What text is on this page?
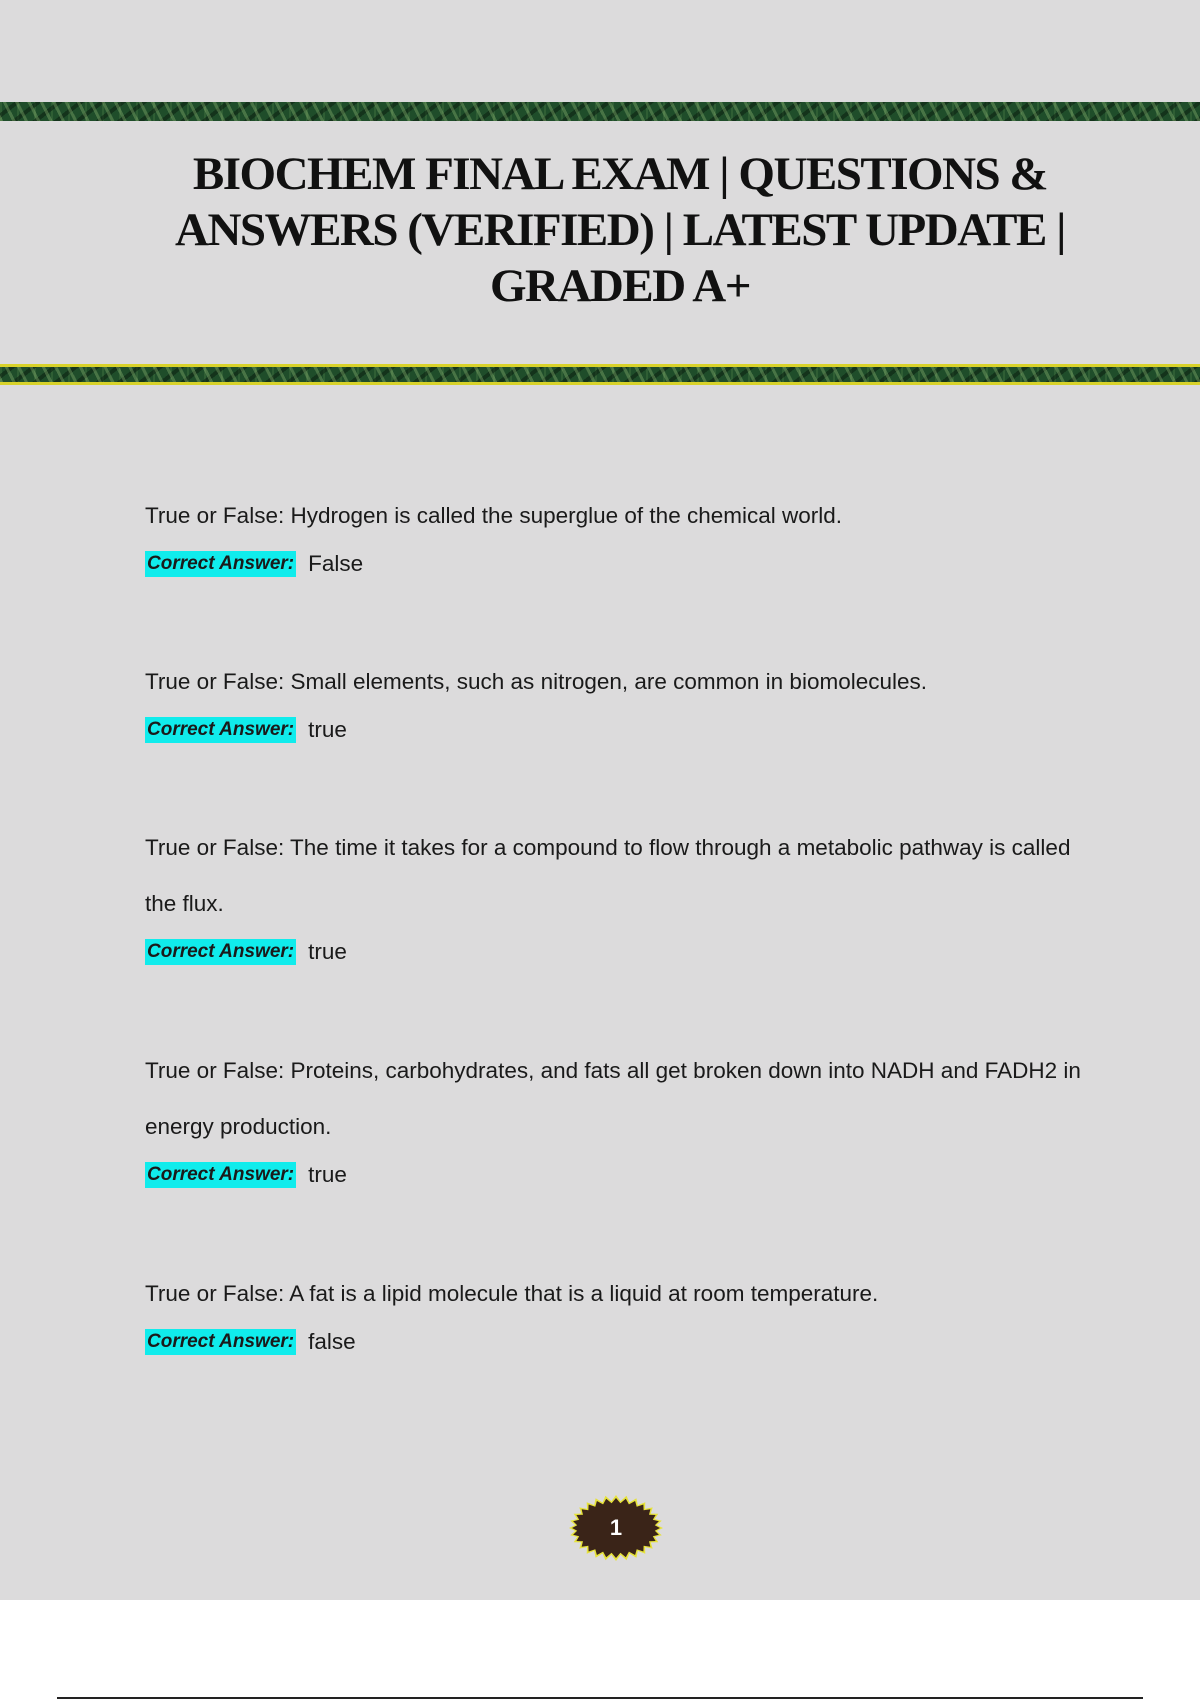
BIOCHEM FINAL EXAM | QUESTIONS & ANSWERS (VERIFIED) | LATEST UPDATE | GRADED A+

True or False: Hydrogen is called the superglue of the chemical world.

Correct Answer: False

True or False: Small elements, such as nitrogen, are common in biomolecules.

Correct Answer: true

True or False: The time it takes for a compound to flow through a metabolic pathway is called the flux.

Correct Answer: true

True or False: Proteins, carbohydrates, and fats all get broken down into NADH and FADH2 in energy production.

Correct Answer: true

True or False: A fat is a lipid molecule that is a liquid at room temperature.

Correct Answer: false
1
